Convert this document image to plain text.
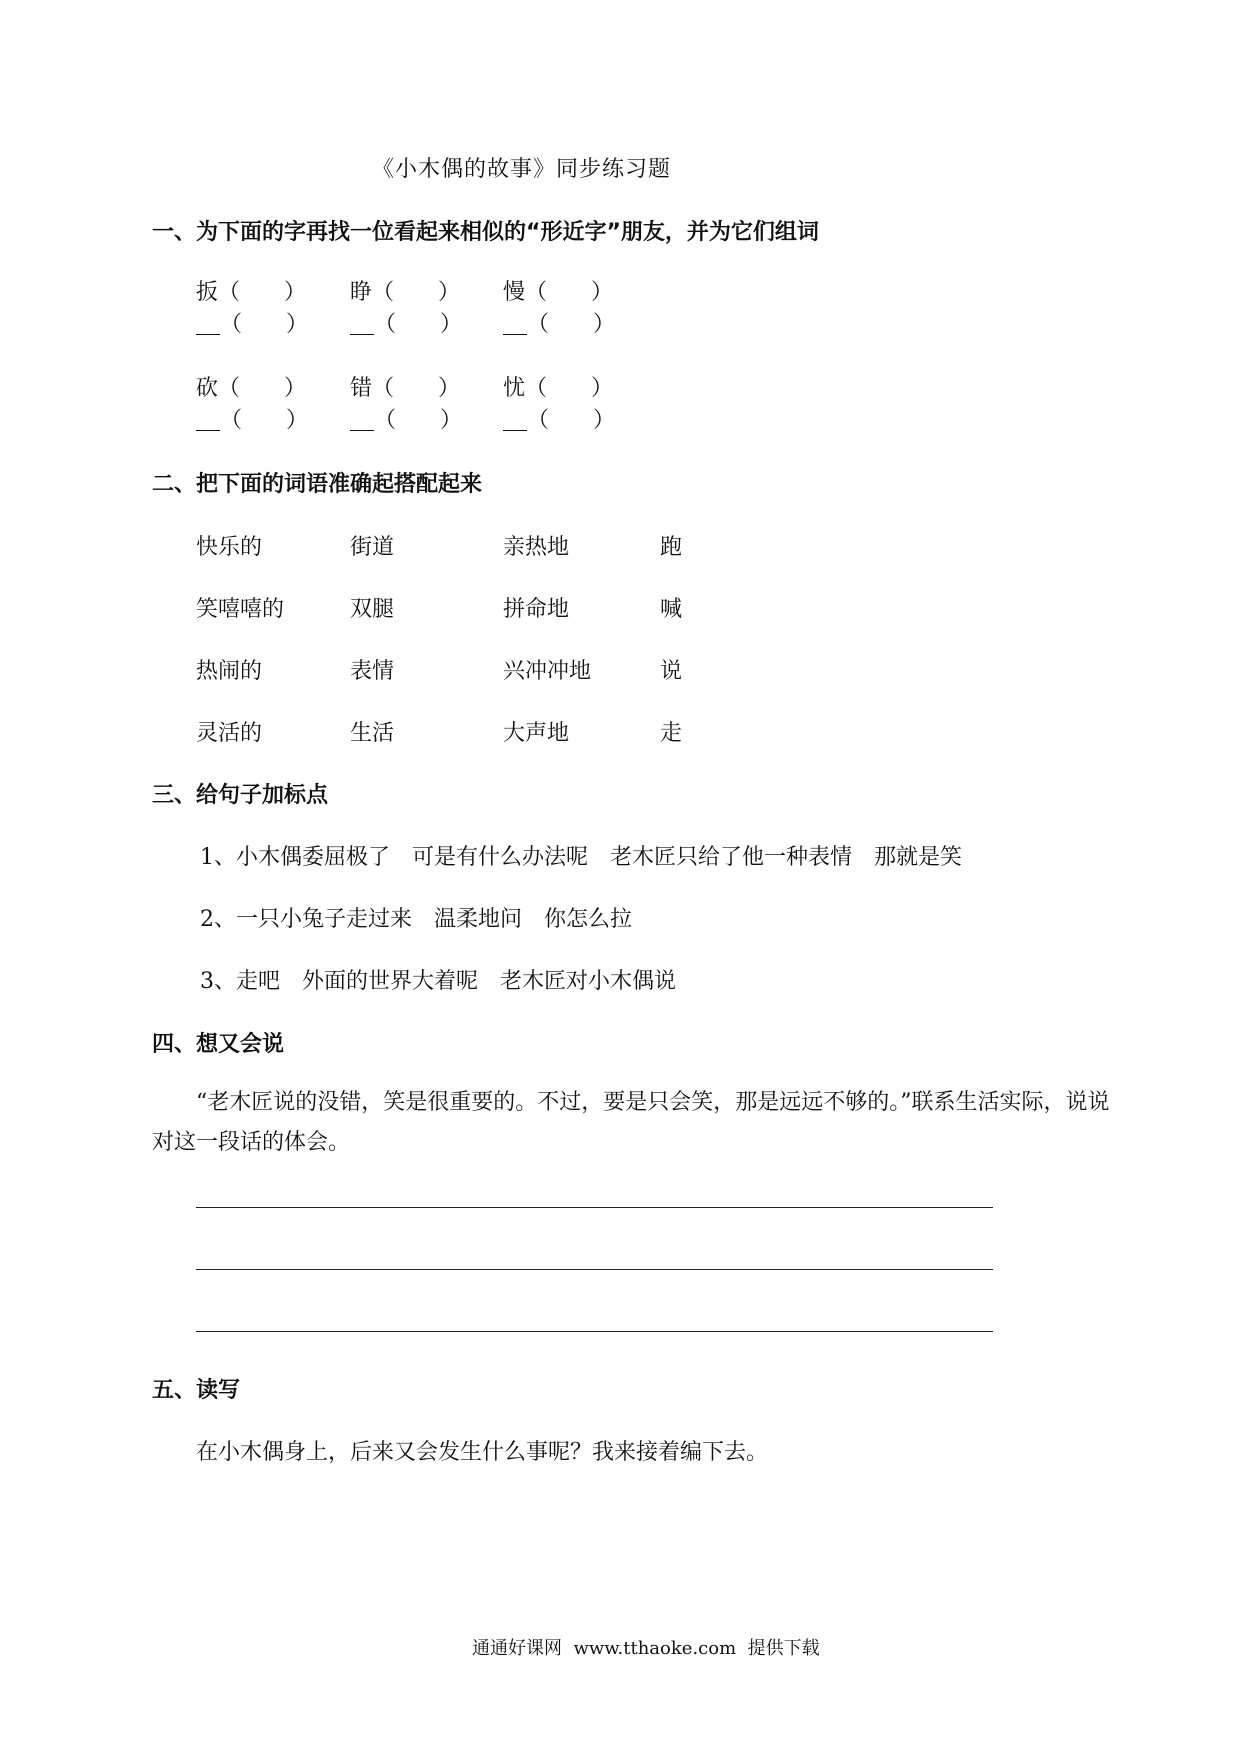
《小木偶的故事》同步练习题
一、为下面的字再找一位看起来相似的“形近字”朋友，并为它们组词
扳（　　） 睁（　　） 慢（　　）
（　　）	（　　）	（　　）
砍（　　） 错（　　） 忧（　　）
（　　）	（　　）	（　　）
二、把下面的词语准确起搭配起来
快乐的	街道	亲热地	跑
笑嘻嘻的	双腿	拼命地	喊
热闹的	表情	兴冲冲地	说
灵活的	生活	大声地	走
三、给句子加标点
1、小木偶委屈极了　可是有什么办法呢　老木匠只给了他一种表情　那就是笑
2、一只小兔子走过来　温柔地问　你怎么拉
3、走吧　外面的世界大着呢　老木匠对小木偶说
四、想又会说
“老木匠说的没错，笑是很重要的。不过，要是只会笑，那是远远不够的。”联系生活实际，说说对这一段话的体会。
五、读写
在小木偶身上，后来又会发生什么事呢？我来接着编下去。
通通好课网  www.tthaoke.com  提供下载
